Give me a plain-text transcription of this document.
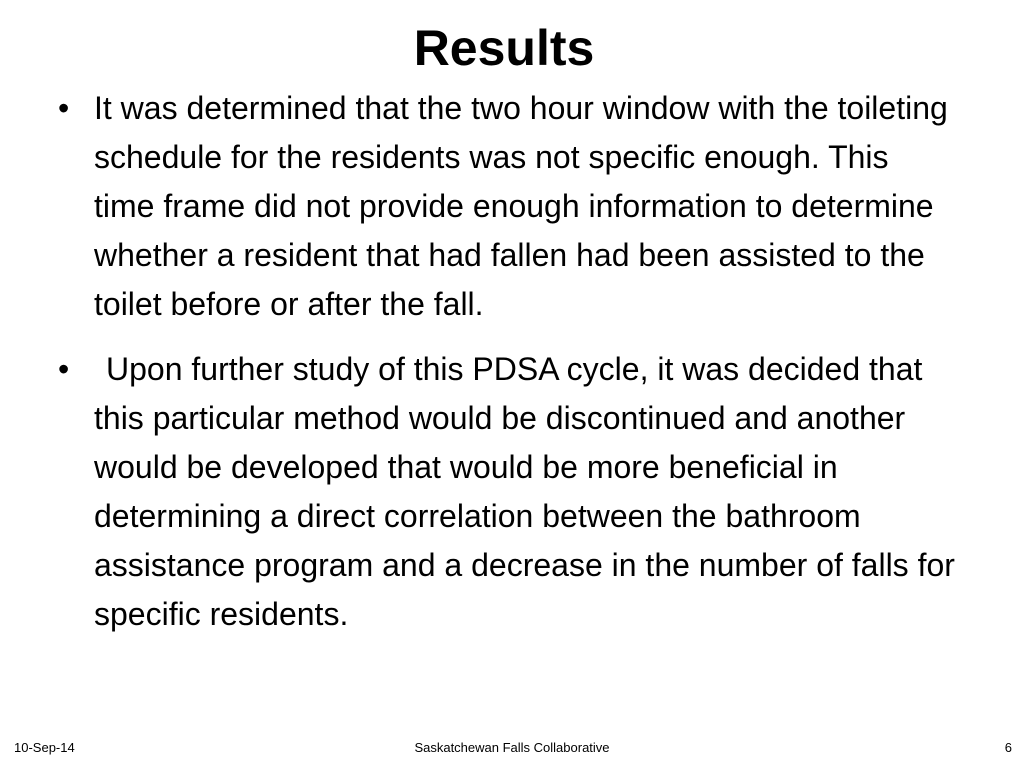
Results
• It was determined that the two hour window with the toileting schedule for the residents was not specific enough. This time frame did not provide enough information to determine whether a resident that had fallen had been assisted to the toilet before or after the fall.
• Upon further study of this PDSA cycle, it was decided that this particular method would be discontinued and another would be developed that would be more beneficial in determining a direct correlation between the bathroom assistance program and a decrease in the number of falls for specific residents.
10-Sep-14	Saskatchewan Falls Collaborative	6
